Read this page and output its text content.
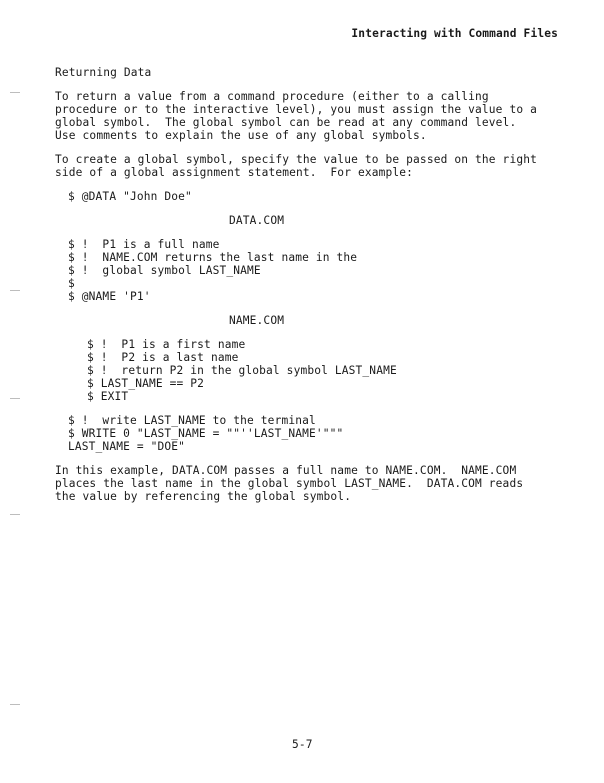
Interacting with Command Files
Returning Data
To return a value from a command procedure (either to a calling
procedure or to the interactive level), you must assign the value to a
global symbol.  The global symbol can be read at any command level.
Use comments to explain the use of any global symbols.
To create a global symbol, specify the value to be passed on the right
side of a global assignment statement.  For example:
$ @DATA "John Doe"
DATA.COM
$ !  P1 is a full name
$ !  NAME.COM returns the last name in the
$ !  global symbol LAST_NAME
$
$ @NAME 'P1'
NAME.COM
$ !  P1 is a first name
$ !  P2 is a last name
$ !  return P2 in the global symbol LAST_NAME
$ LAST_NAME == P2
$ EXIT
$ !  write LAST_NAME to the terminal
$ WRITE 0 "LAST_NAME = ""''LAST_NAME'"""
LAST_NAME = "DOE"
In this example, DATA.COM passes a full name to NAME.COM.  NAME.COM
places the last name in the global symbol LAST_NAME.  DATA.COM reads
the value by referencing the global symbol.
5-7
